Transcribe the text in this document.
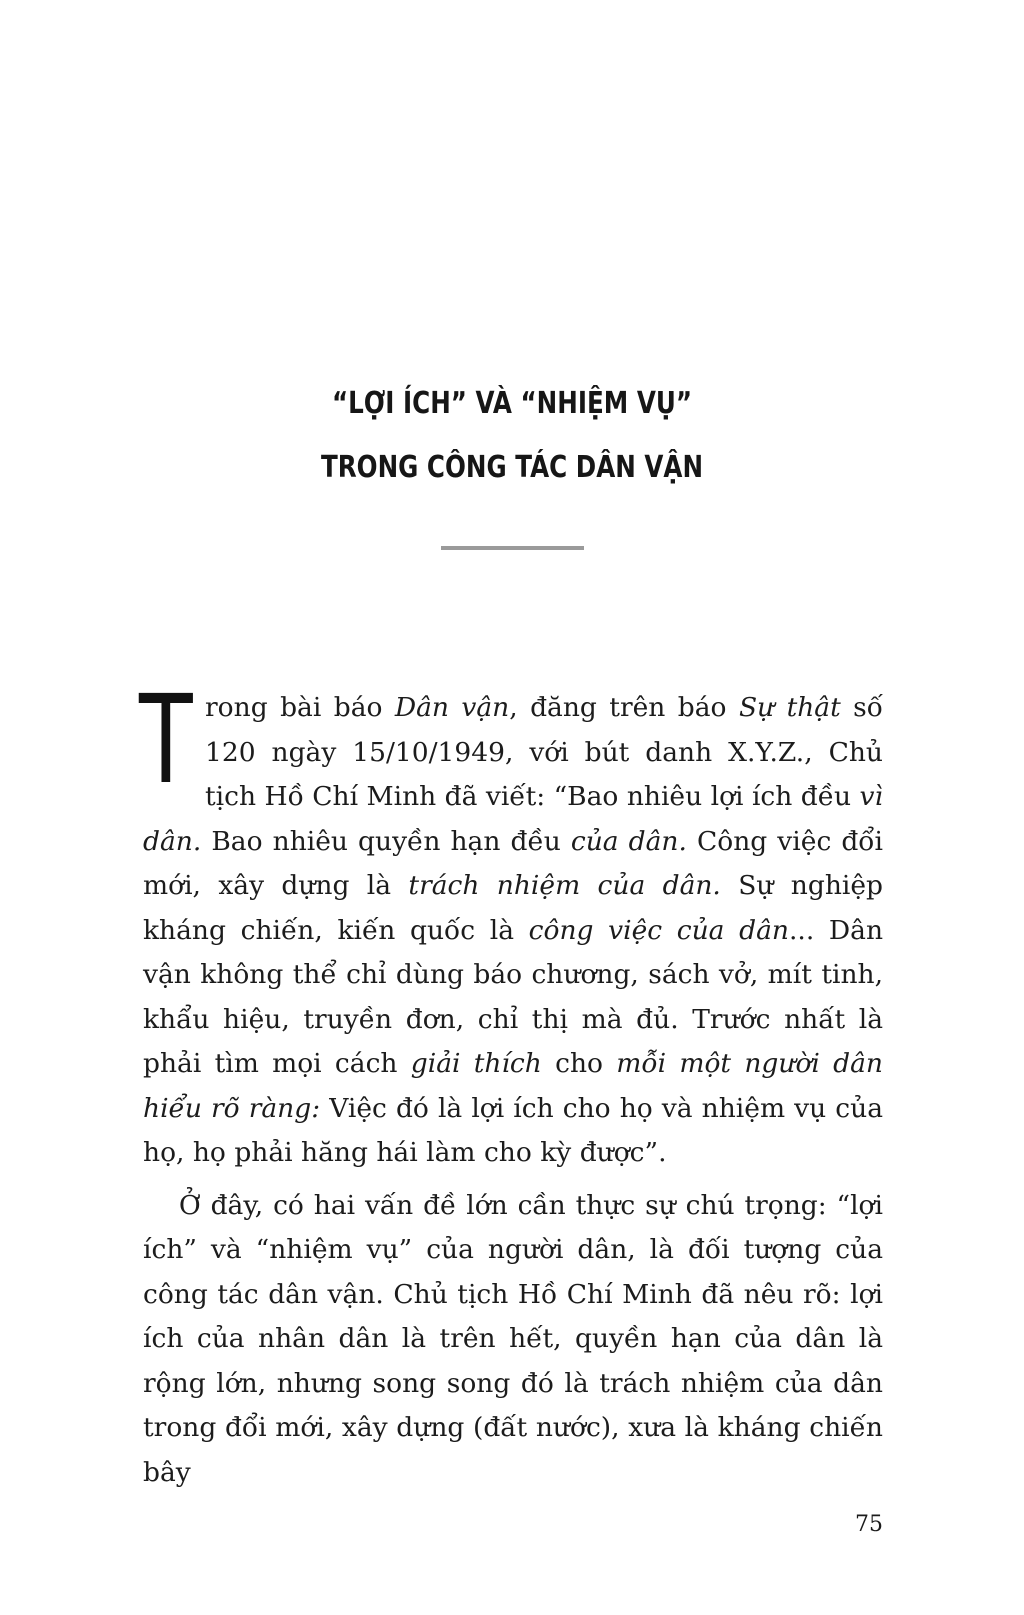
“LỢI ÍCH” VÀ “NHIỆM VỤ”
TRONG CÔNG TÁC DÂN VẬN

Trong bài báo Dân vận, đăng trên báo Sự thật số 120 ngày 15/10/1949, với bút danh X.Y.Z., Chủ tịch Hồ Chí Minh đã viết: “Bao nhiêu lợi ích đều vì dân. Bao nhiêu quyền hạn đều của dân. Công việc đổi mới, xây dựng là trách nhiệm của dân. Sự nghiệp kháng chiến, kiến quốc là công việc của dân... Dân vận không thể chỉ dùng báo chương, sách vở, mít tinh, khẩu hiệu, truyền đơn, chỉ thị mà đủ. Trước nhất là phải tìm mọi cách giải thích cho mỗi một người dân hiểu rõ ràng: Việc đó là lợi ích cho họ và nhiệm vụ của họ, họ phải hăng hái làm cho kỳ được”.

Ở đây, có hai vấn đề lớn cần thực sự chú trọng: “lợi ích” và “nhiệm vụ” của người dân, là đối tượng của công tác dân vận. Chủ tịch Hồ Chí Minh đã nêu rõ: lợi ích của nhân dân là trên hết, quyền hạn của dân là rộng lớn, nhưng song song đó là trách nhiệm của dân trong đổi mới, xây dựng (đất nước), xưa là kháng chiến bây

75
